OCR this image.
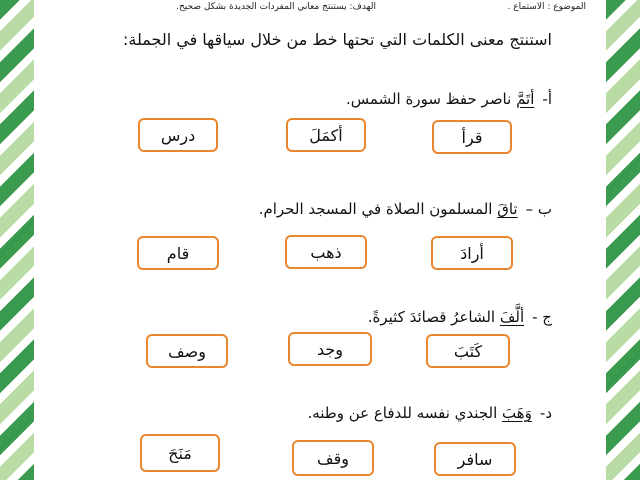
الموضوع : الاستماع .
الهدف: يستنتج معاني المفردات الجديدة بشكل صحيح.
استنتج معنى الكلمات التي تحتها خط من خلال سياقها في الجملة:
أ-أتَمَّ ناصر حفظ سورة الشمس.
قرأ
أكمَلَ
درس
ب –تاقَ المسلمون الصلاة في المسجد الحرام.
أرادَ
ذهب
قام
ج -ألَّفَ الشاعرُ قصائدَ كثيرةً.
كَتَبَ
وجد
وصف
د-وَهَبَ الجندي نفسه للدفاع عن وطنه.
سافر
وقف
مَنَحَ
